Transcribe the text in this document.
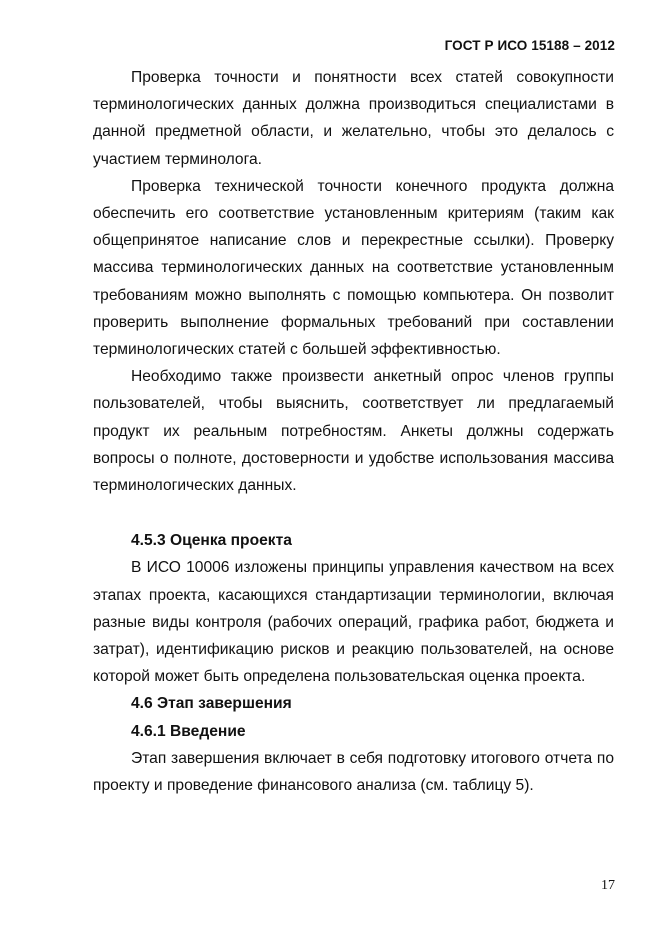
ГОСТ Р ИСО 15188 – 2012

Проверка точности и понятности всех статей совокупности терминологических данных должна производиться специалистами в данной предметной области, и желательно, чтобы это делалось с участием терминолога.

Проверка технической точности конечного продукта должна обеспечить его соответствие установленным критериям (таким как общепринятое написание слов и перекрестные ссылки). Проверку массива терминологических данных на соответствие установленным требованиям можно выполнять с помощью компьютера. Он позволит проверить выполнение формальных требований при составлении терминологических статей с большей эффективностью.

Необходимо также произвести анкетный опрос членов группы пользователей, чтобы выяснить, соответствует ли предлагаемый продукт их реальным потребностям. Анкеты должны содержать вопросы о полноте, достоверности и удобстве использования массива терминологических данных.

4.5.3 Оценка проекта

В ИСО 10006 изложены принципы управления качеством на всех этапах проекта, касающихся стандартизации терминологии, включая разные виды контроля (рабочих операций, графика работ, бюджета и затрат), идентификацию рисков и реакцию пользователей, на основе которой может быть определена пользовательская оценка проекта.

4.6 Этап завершения

4.6.1 Введение

Этап завершения включает в себя подготовку итогового отчета по проекту и проведение финансового анализа (см. таблицу 5).

17
